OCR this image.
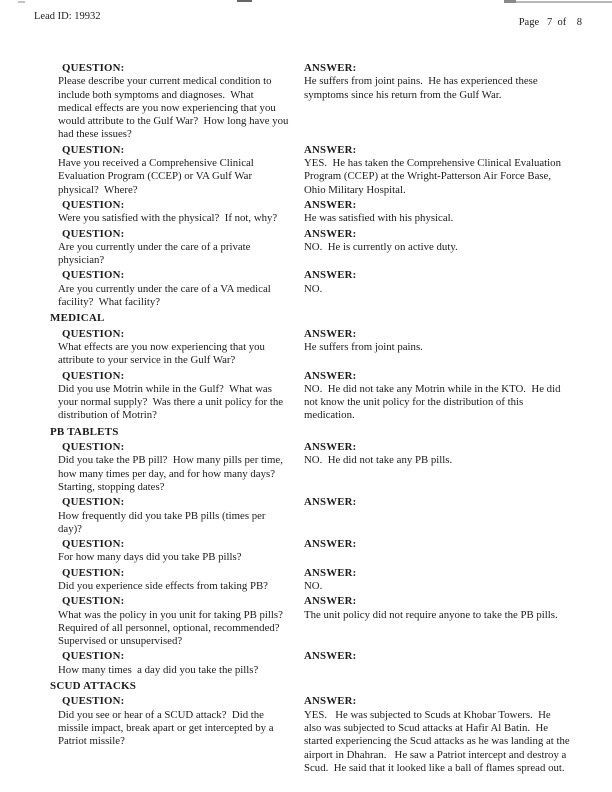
Lead ID: 19932
Page   7  of    8
QUESTION:
Please describe your current medical condition to include both symptoms and diagnoses.  What medical effects are you now experiencing that you would attribute to the Gulf War?  How long have you had these issues?
ANSWER:
He suffers from joint pains.  He has experienced these symptoms since his return from the Gulf War.
QUESTION:
Have you received a Comprehensive Clinical Evaluation Program (CCEP) or VA Gulf War physical?  Where?
ANSWER:
YES.  He has taken the Comprehensive Clinical Evaluation Program (CCEP) at the Wright-Patterson Air Force Base, Ohio Military Hospital.
QUESTION:
Were you satisfied with the physical?  If not, why?
ANSWER:
He was satisfied with his physical.
QUESTION:
Are you currently under the care of a private physician?
ANSWER:
NO.  He is currently on active duty.
QUESTION:
Are you currently under the care of a VA medical facility?  What facility?
ANSWER:
NO.
MEDICAL
QUESTION:
What effects are you now experiencing that you attribute to your service in the Gulf War?
ANSWER:
He suffers from joint pains.
QUESTION:
Did you use Motrin while in the Gulf?  What was your normal supply?  Was there a unit policy for the distribution of Motrin?
ANSWER:
NO.  He did not take any Motrin while in the KTO.  He did not know the unit policy for the distribution of this medication.
PB TABLETS
QUESTION:
Did you take the PB pill?  How many pills per time, how many times per day, and for how many days?  Starting, stopping dates?
ANSWER:
NO.  He did not take any PB pills.
QUESTION:
How frequently did you take PB pills (times per day)?
ANSWER:
QUESTION:
For how many days did you take PB pills?
ANSWER:
QUESTION:
Did you experience side effects from taking PB?
ANSWER:
NO.
QUESTION:
What was the policy in you unit for taking PB pills?  Required of all personnel, optional, recommended?  Supervised or unsupervised?
ANSWER:
The unit policy did not require anyone to take the PB pills.
QUESTION:
How many times  a day did you take the pills?
ANSWER:
SCUD ATTACKS
QUESTION:
Did you see or hear of a SCUD attack?  Did the missile impact, break apart or get intercepted by a Patriot missile?
ANSWER:
YES.   He was subjected to Scuds at Khobar Towers.  He also was subjected to Scud attacks at Hafir Al Batin.  He started experiencing the Scud attacks as he was landing at the airport in Dhahran.   He saw a Patriot intercept and destroy a Scud.  He said that it looked like a ball of flames spread out.
